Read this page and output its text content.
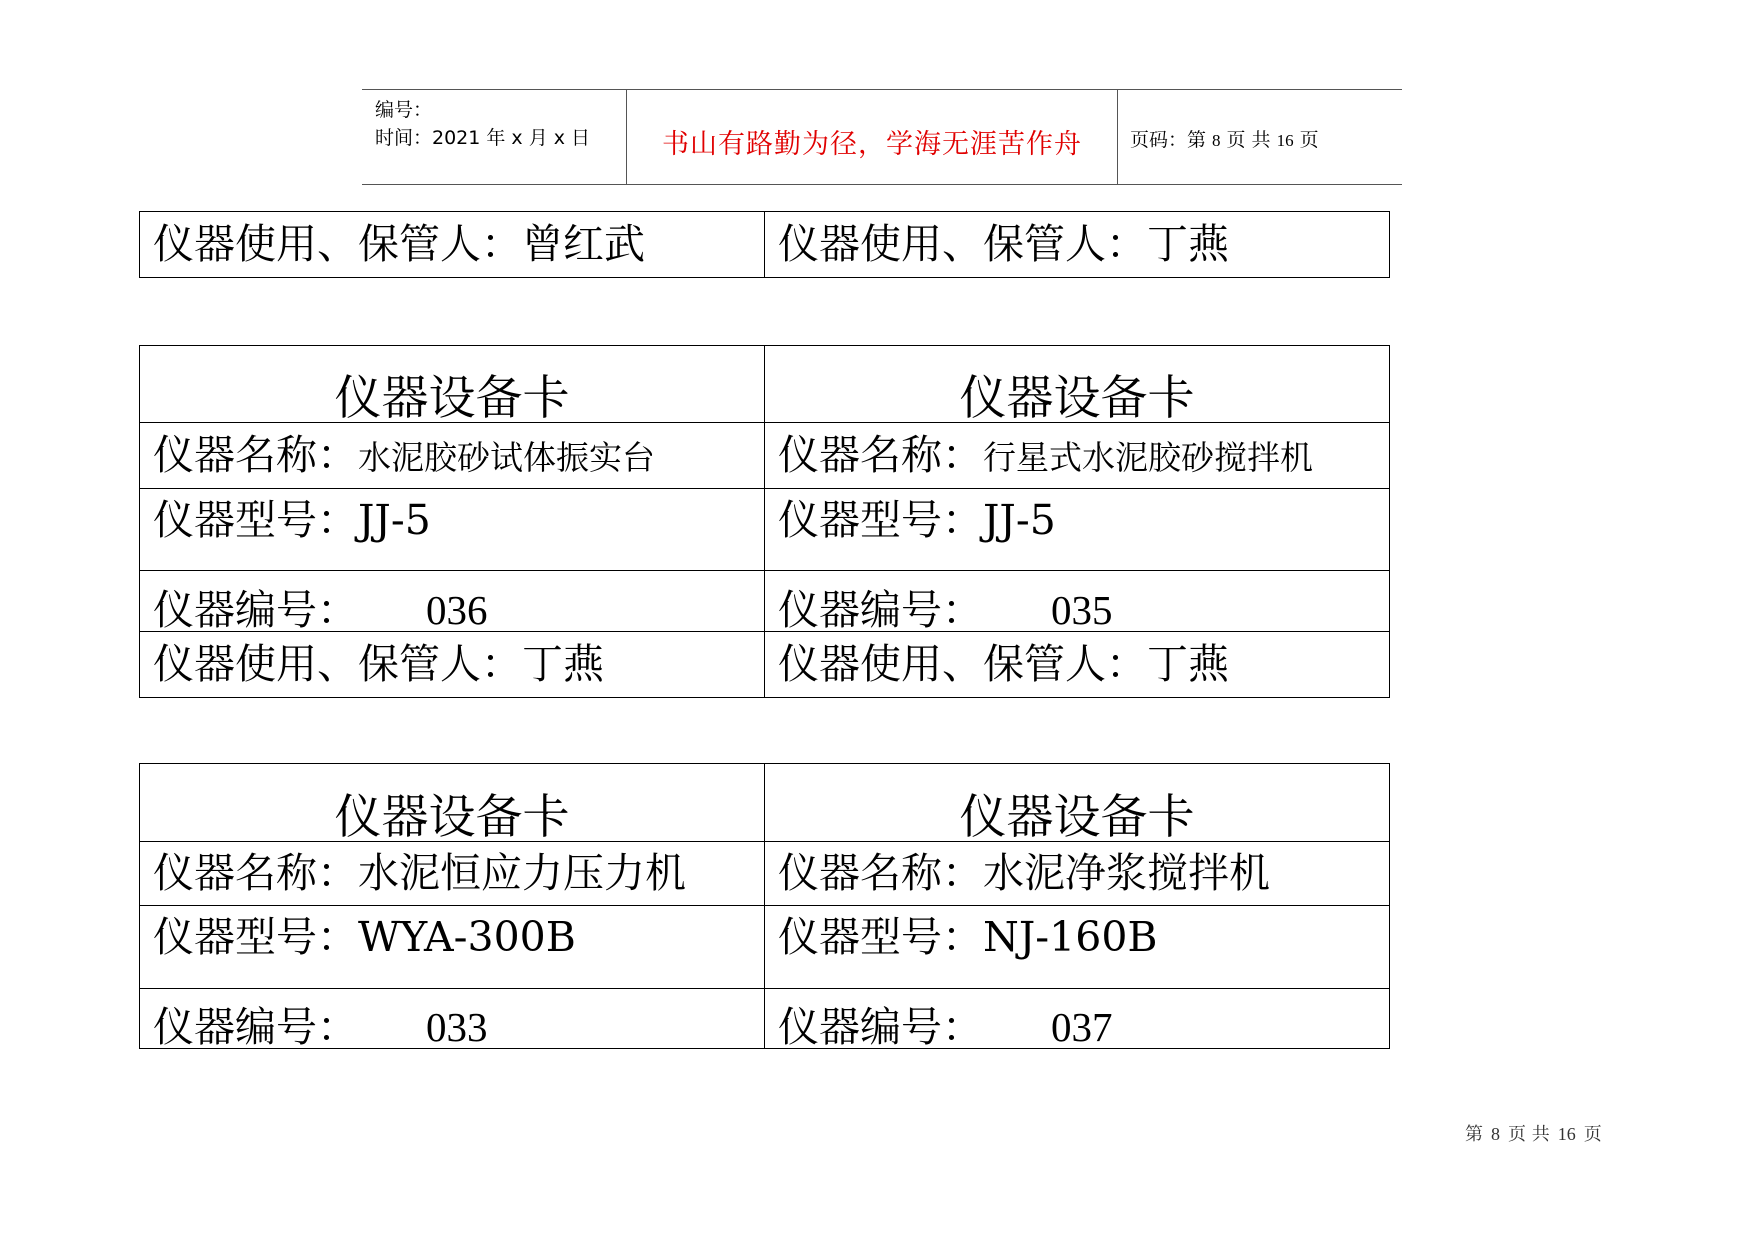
编号：
时间：2021 年 x 月 x 日	书山有路勤为径，学海无涯苦作舟	页码：第 8 页 共 16 页
仪器使用、保管人：曾红武	仪器使用、保管人：丁燕
仪器设备卡	仪器设备卡
仪器名称：水泥胶砂试体振实台	仪器名称：行星式水泥胶砂搅拌机
仪器型号：JJ-5	仪器型号：JJ-5
仪器编号： 036	仪器编号： 035
仪器使用、保管人：丁燕	仪器使用、保管人：丁燕
仪器设备卡	仪器设备卡
仪器名称：水泥恒应力压力机	仪器名称：水泥净浆搅拌机
仪器型号：WYA-300B	仪器型号：NJ-160B
仪器编号： 033	仪器编号： 037
第 8 页 共 16 页
